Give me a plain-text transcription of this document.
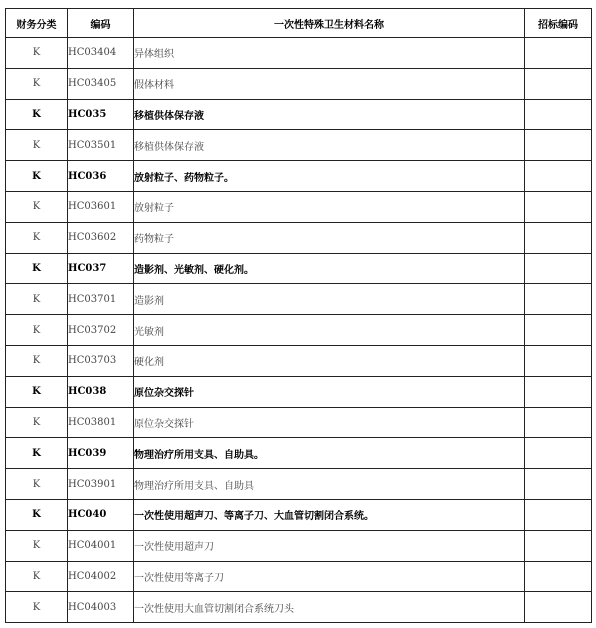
财务分类	编码	一次性特殊卫生材料名称	招标编码
K	HC03404	异体组织	
K	HC03405	假体材料	
K	HC035	移植供体保存液	
K	HC03501	移植供体保存液	
K	HC036	放射粒子、药物粒子。	
K	HC03601	放射粒子	
K	HC03602	药物粒子	
K	HC037	造影剂、光敏剂、硬化剂。	
K	HC03701	造影剂	
K	HC03702	光敏剂	
K	HC03703	硬化剂	
K	HC038	原位杂交探针	
K	HC03801	原位杂交探针	
K	HC039	物理治疗所用支具、自助具。	
K	HC03901	物理治疗所用支具、自助具	
K	HC040	一次性使用超声刀、等离子刀、大血管切割闭合系统。	
K	HC04001	一次性使用超声刀	
K	HC04002	一次性使用等离子刀	
K	HC04003	一次性使用大血管切割闭合系统刀头	
